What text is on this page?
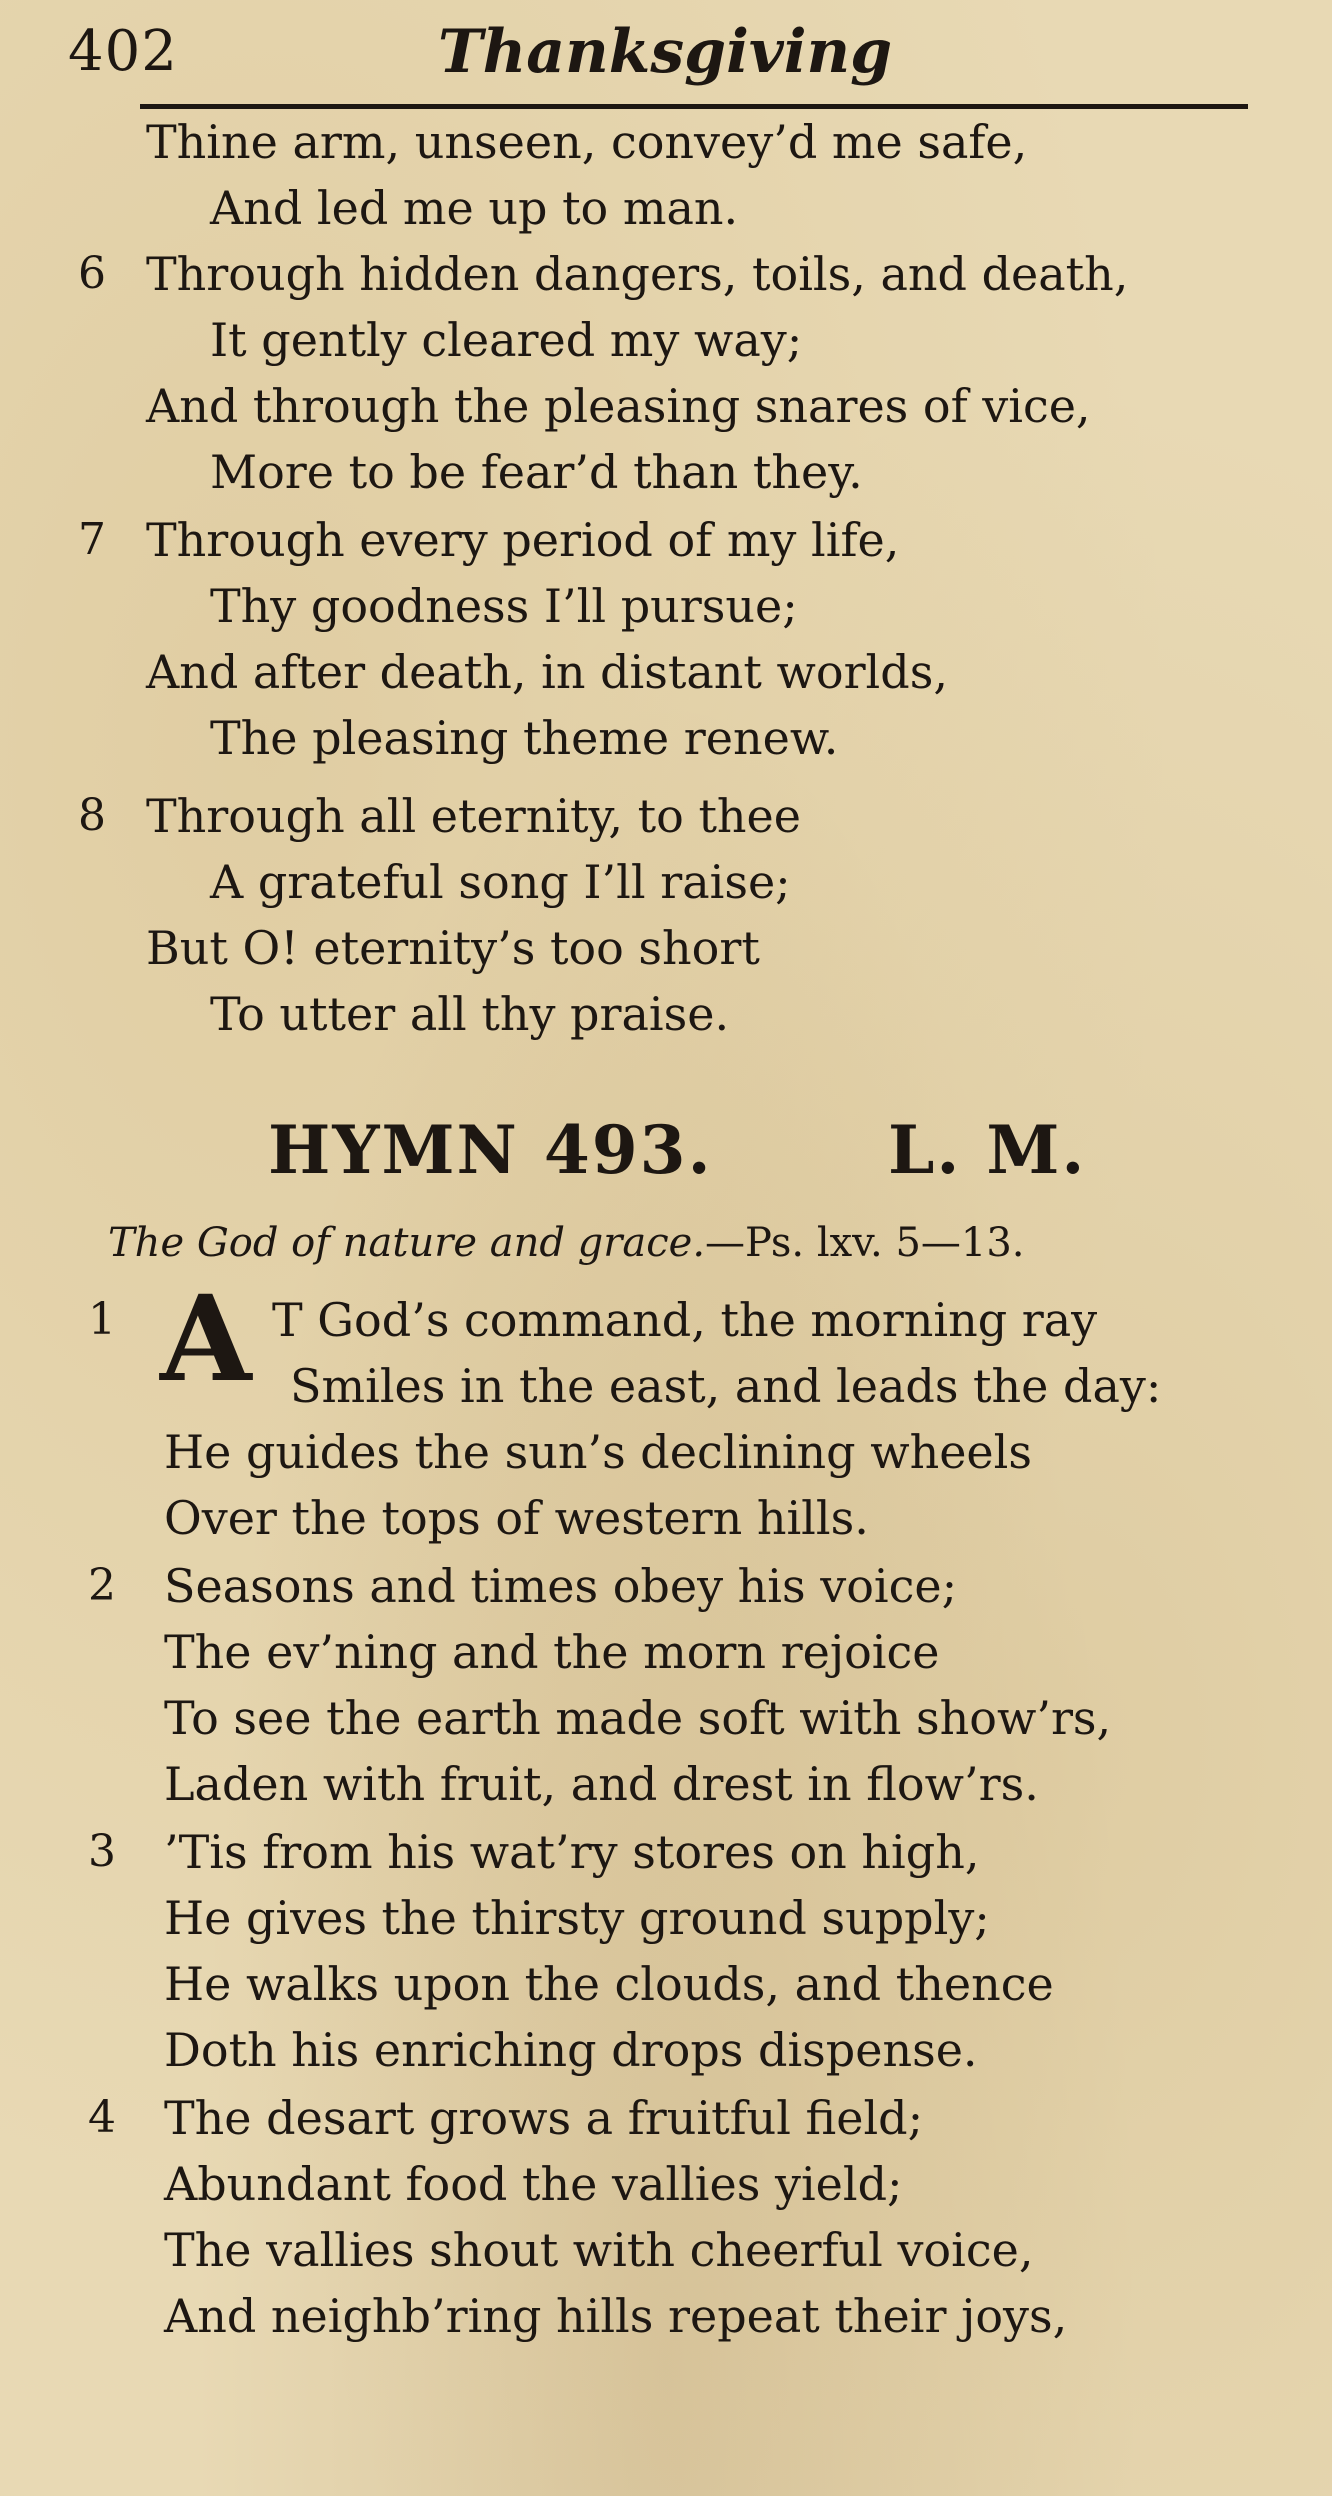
402	Thanksgiving
Thine arm, unseen, convey’d me safe,
And led me up to man.
6 Through hidden dangers, toils, and death,
It gently cleared my way;
And through the pleasing snares of vice,
More to be fear’d than they.
7 Through every period of my life,
Thy goodness I’ll pursue;
And after death, in distant worlds,
The pleasing theme renew.
8 Through all eternity, to thee
A grateful song I’ll raise;
But O! eternity’s too short
To utter all thy praise.
HYMN 493.	L. M.
The God of nature and grace.—Ps. lxv. 5—13.
1 A T God’s command, the morning ray
Smiles in the east, and leads the day:
He guides the sun’s declining wheels
Over the tops of western hills.
2 Seasons and times obey his voice;
The ev’ning and the morn rejoice
To see the earth made soft with show’rs,
Laden with fruit, and drest in flow’rs.
3 ’Tis from his wat’ry stores on high,
He gives the thirsty ground supply;
He walks upon the clouds, and thence
Doth his enriching drops dispense.
4 The desart grows a fruitful field;
Abundant food the vallies yield;
The vallies shout with cheerful voice,
And neighb’ring hills repeat their joys,
